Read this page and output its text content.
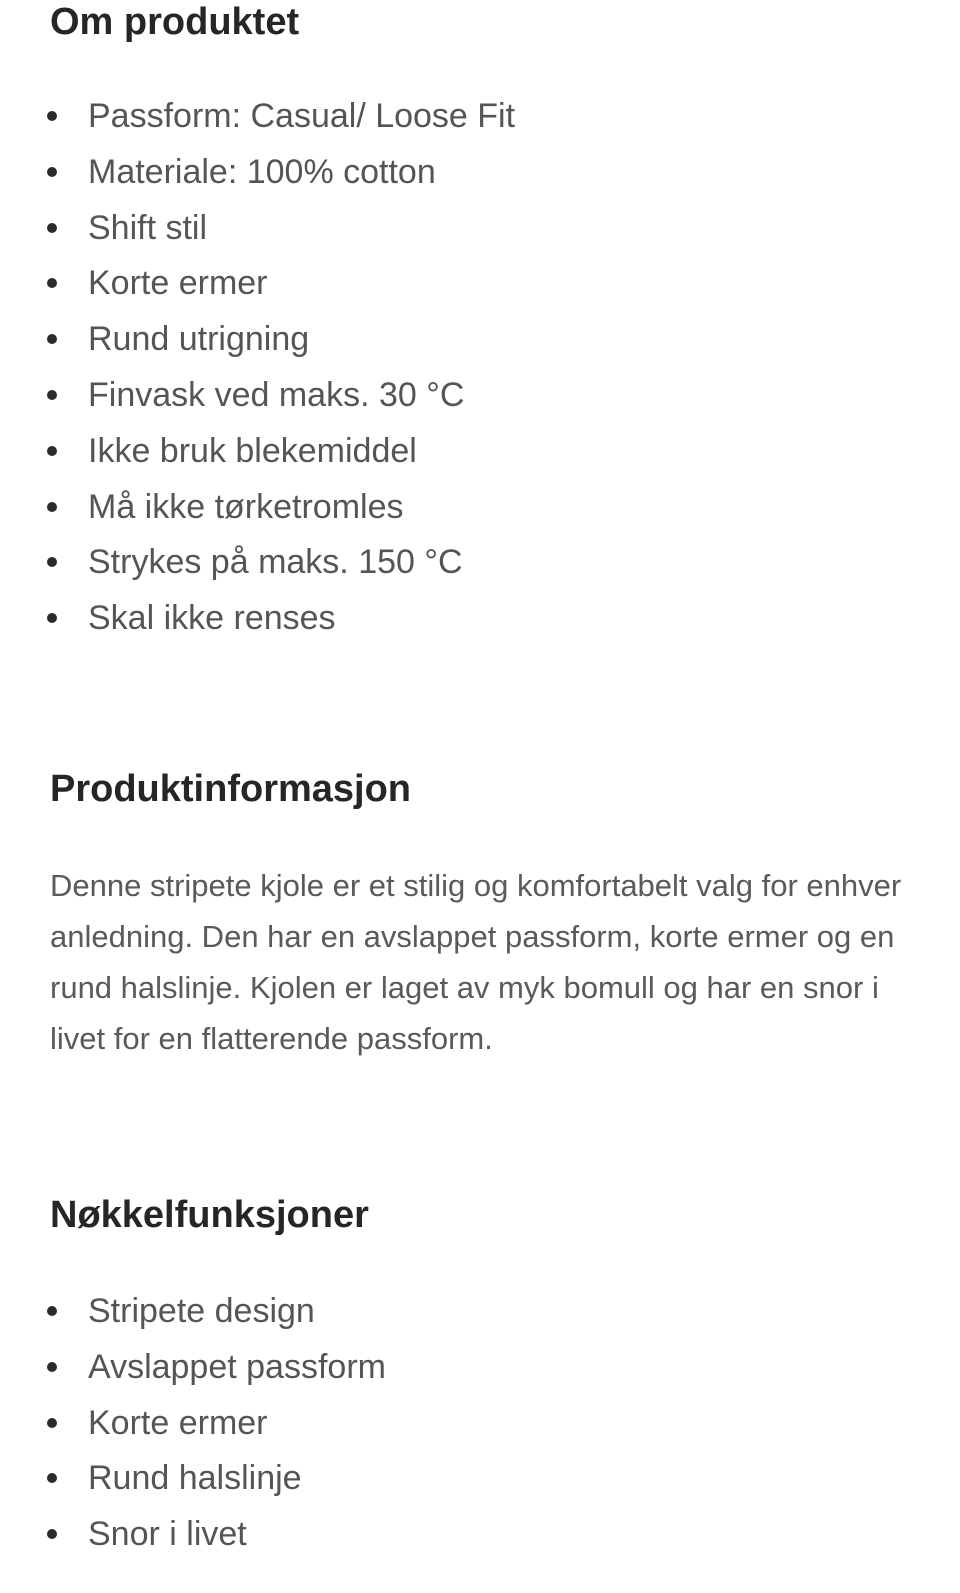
Om produktet
Passform: Casual/ Loose Fit
Materiale: 100% cotton
Shift stil
Korte ermer
Rund utrigning
Finvask ved maks. 30 °C
Ikke bruk blekemiddel
Må ikke tørketromles
Strykes på maks. 150 °C
Skal ikke renses
Produktinformasjon

Denne stripete kjole er et stilig og komfortabelt valg for enhver anledning. Den har en avslappet passform, korte ermer og en rund halslinje. Kjolen er laget av myk bomull og har en snor i livet for en flatterende passform.

Nøkkelfunksjoner
Stripete design
Avslappet passform
Korte ermer
Rund halslinje
Snor i livet
